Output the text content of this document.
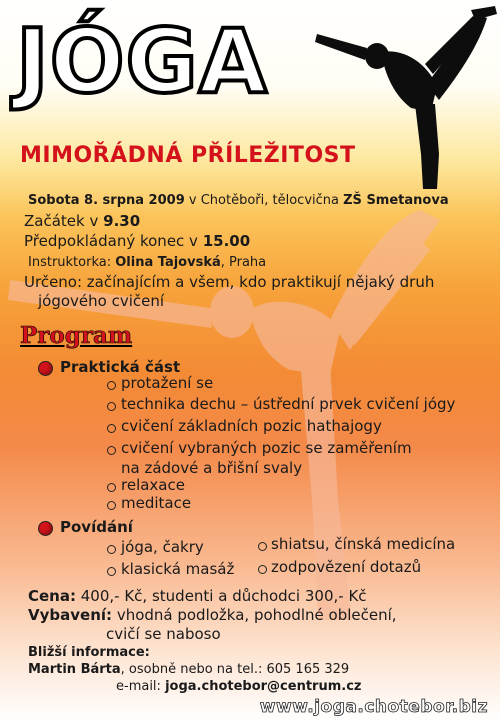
JÓGA
MIMOŘÁDNÁ PŘÍLEŽITOST
Sobota 8. srpna 2009 v Chotěboři, tělocvična ZŠ Smetanova
Začátek v 9.30
Předpokládaný konec v 15.00
Instruktorka: Olina Tajovská, Praha
Určeno: začínajícím a všem, kdo praktikují nějaký druh
jógového cvičení
Program
Praktická část
protažení se
technika dechu – ústřední prvek cvičení jógy
cvičení základních pozic hathajogy
cvičení vybraných pozic se zaměřením
na zádové a břišní svaly
relaxace
meditace
Povídání
jóga, čakry
klasická masáž
shiatsu, čínská medicína
zodpovězení dotazů
Cena: 400,- Kč, studenti a důchodci 300,- Kč
Vybavení: vhodná podložka, pohodlné oblečení,
cvičí se naboso
Bližší informace:
Martin Bárta, osobně nebo na tel.: 605 165 329
e-mail: joga.chotebor@centrum.cz
www.joga.chotebor.biz
